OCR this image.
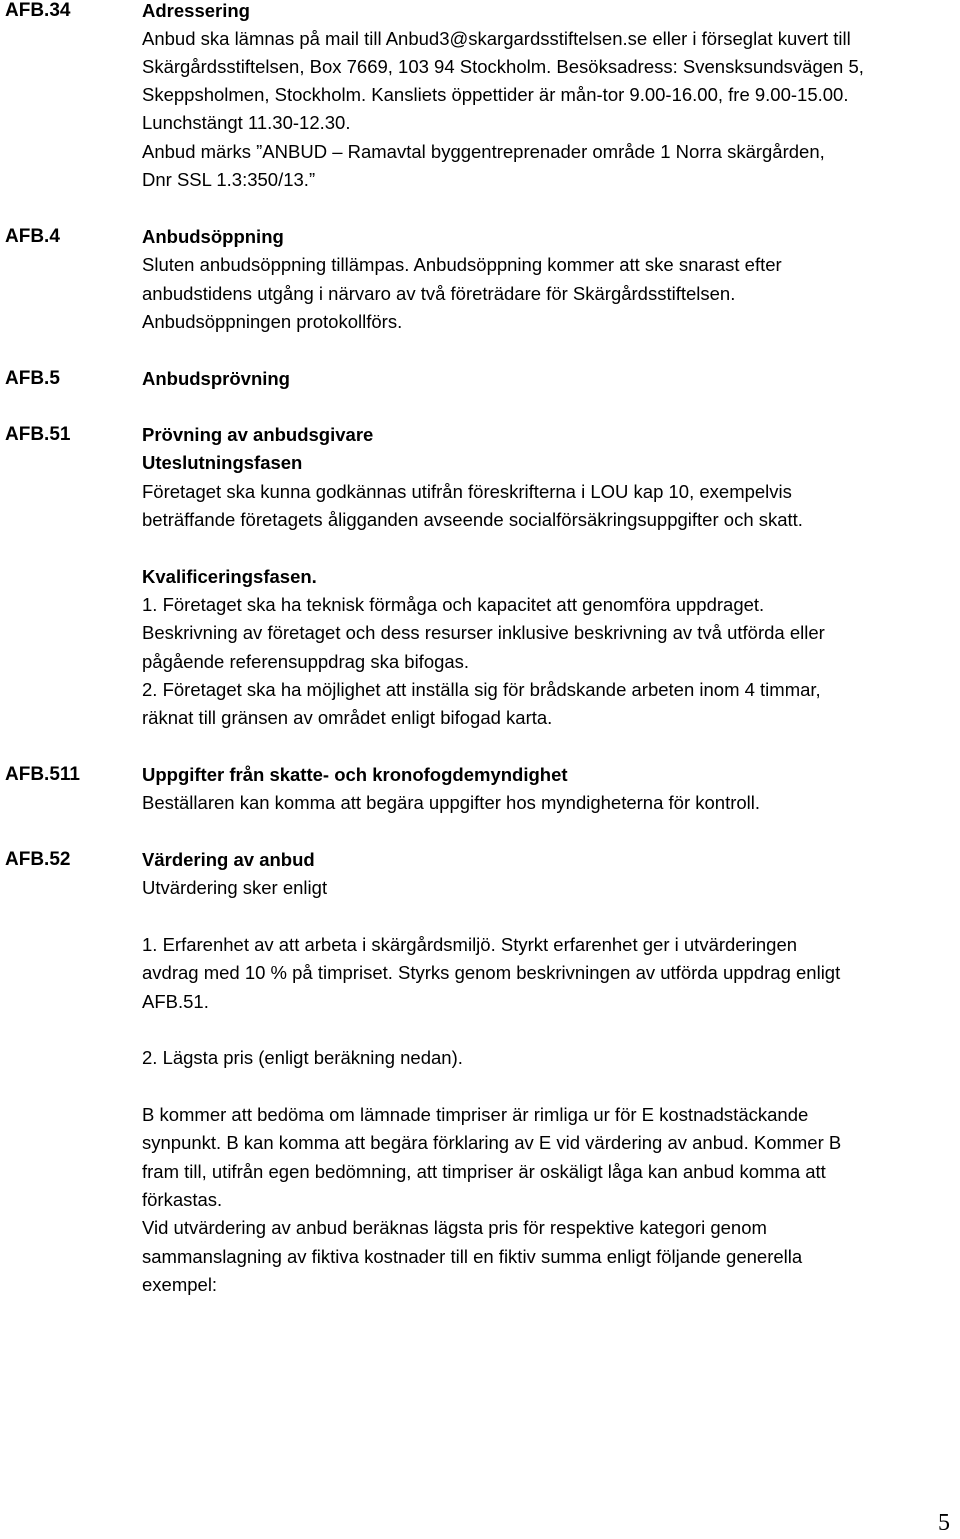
AFB.34
AFB.4
AFB.5
AFB.51
AFB.511
AFB.52
Adressering
Anbud ska lämnas på mail till Anbud3@skargardsstiftelsen.se eller i förseglat kuvert till
Skärgårdsstiftelsen, Box 7669, 103 94 Stockholm. Besöksadress: Svensksundsvägen 5,
Skeppsholmen, Stockholm. Kansliets öppettider är mån-tor 9.00-16.00, fre 9.00-15.00.
Lunchstängt 11.30-12.30.
Anbud märks ”ANBUD – Ramavtal byggentreprenader område 1 Norra skärgården,
Dnr SSL 1.3:350/13.”
Anbudsöppning
Sluten anbudsöppning tillämpas. Anbudsöppning kommer att ske snarast efter
anbudstidens utgång i närvaro av två företrädare för Skärgårdsstiftelsen.
Anbudsöppningen protokollförs.
Anbudsprövning
Prövning av anbudsgivare
Uteslutningsfasen
Företaget ska kunna godkännas utifrån föreskrifterna i LOU kap 10, exempelvis
beträffande företagets åligganden avseende socialförsäkringsuppgifter och skatt.
Kvalificeringsfasen.
1. Företaget ska ha teknisk förmåga och kapacitet att genomföra uppdraget.
Beskrivning av företaget och dess resurser inklusive beskrivning av två utförda eller
pågående referensuppdrag ska bifogas.
2. Företaget ska ha möjlighet att inställa sig för brådskande arbeten inom 4 timmar,
räknat till gränsen av området enligt bifogad karta.
Uppgifter från skatte- och kronofogdemyndighet
Beställaren kan komma att begära uppgifter hos myndigheterna för kontroll.
Värdering av anbud
Utvärdering sker enligt
1. Erfarenhet av att arbeta i skärgårdsmiljö. Styrkt erfarenhet ger i utvärderingen
avdrag med 10 % på timpriset. Styrks genom beskrivningen av utförda uppdrag enligt
AFB.51.
2. Lägsta pris (enligt beräkning nedan).
B kommer att bedöma om lämnade timpriser är rimliga ur för E kostnadstäckande
synpunkt. B kan komma att begära förklaring av E vid värdering av anbud. Kommer B
fram till, utifrån egen bedömning, att timpriser är oskäligt låga kan anbud komma att
förkastas.
Vid utvärdering av anbud beräknas lägsta pris för respektive kategori genom
sammanslagning av fiktiva kostnader till en fiktiv summa enligt följande generella
exempel:
5
